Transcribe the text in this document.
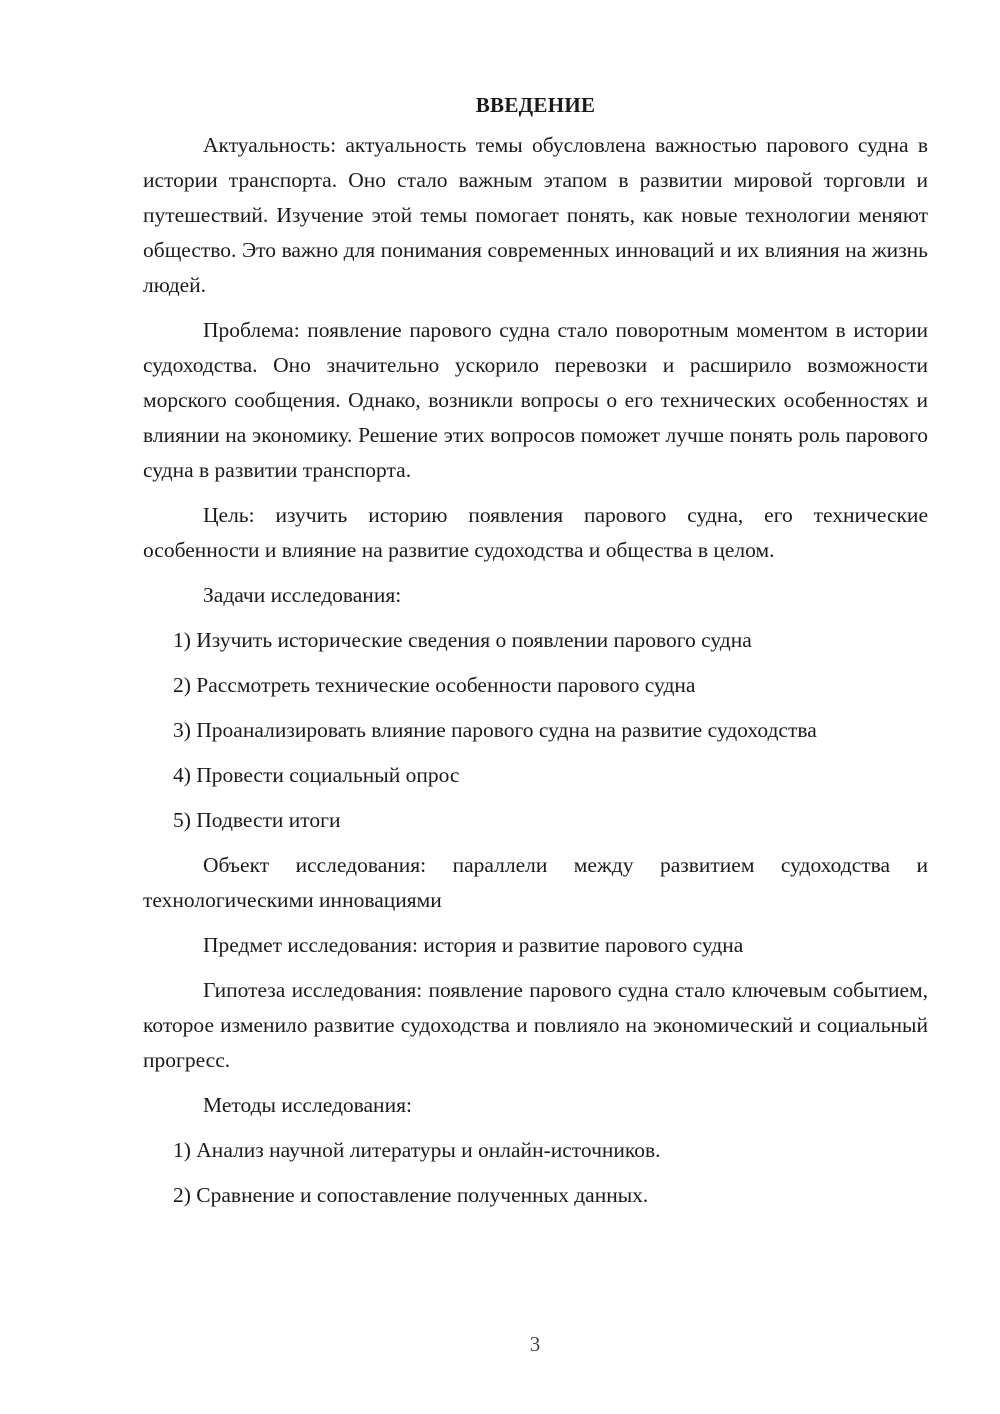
ВВЕДЕНИЕ

Актуальность: актуальность темы обусловлена важностью парового судна в истории транспорта. Оно стало важным этапом в развитии мировой торговли и путешествий. Изучение этой темы помогает понять, как новые технологии меняют общество. Это важно для понимания современных инноваций и их влияния на жизнь людей.

Проблема: появление парового судна стало поворотным моментом в истории судоходства. Оно значительно ускорило перевозки и расширило возможности морского сообщения. Однако, возникли вопросы о его технических особенностях и влиянии на экономику. Решение этих вопросов поможет лучше понять роль парового судна в развитии транспорта.

Цель: изучить историю появления парового судна, его технические особенности и влияние на развитие судоходства и общества в целом.

Задачи исследования:

1) Изучить исторические сведения о появлении парового судна

2) Рассмотреть технические особенности парового судна

3) Проанализировать влияние парового судна на развитие судоходства

4) Провести социальный опрос

5) Подвести итоги

Объект исследования: параллели между развитием судоходства и технологическими инновациями

Предмет исследования: история и развитие парового судна

Гипотеза исследования: появление парового судна стало ключевым событием, которое изменило развитие судоходства и повлияло на экономический и социальный прогресс.

Методы исследования:

1) Анализ научной литературы и онлайн-источников.

2) Сравнение и сопоставление полученных данных.

3
